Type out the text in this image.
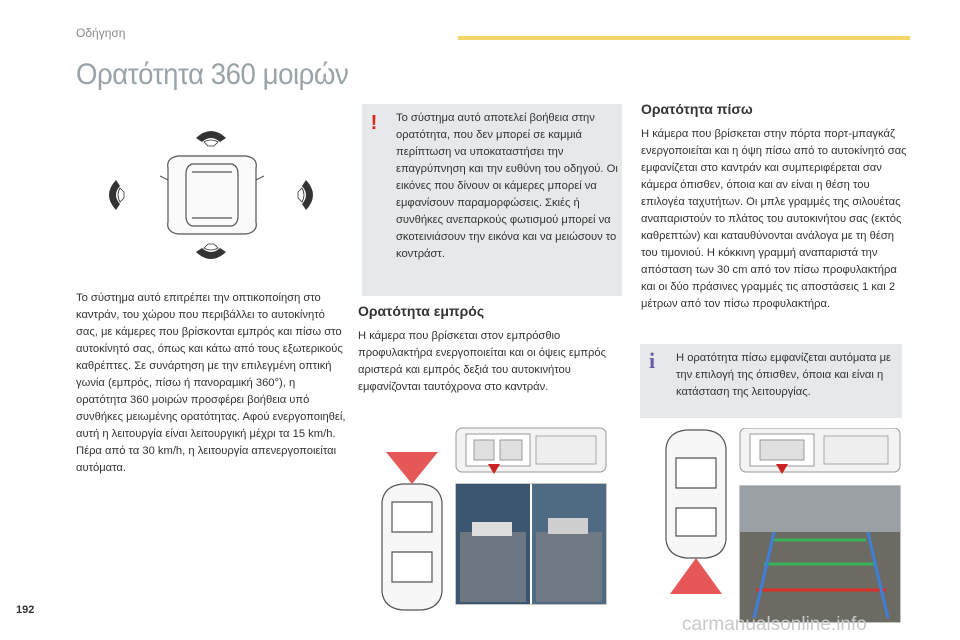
Οδήγηση
Ορατότητα 360 μοιρών
Το σύστημα αυτό επιτρέπει την οπτικοποίηση στο καντράν, του χώρου που περιβάλλει το αυτοκίνητό σας, με κάμερες που βρίσκονται εμπρός και πίσω στο αυτοκίνητό σας, όπως και κάτω από τους εξωτερικούς καθρέπτες. Σε συνάρτηση με την επιλεγμένη οπτική γωνία (εμπρός, πίσω ή πανοραμική 360°), η ορατότητα 360 μοιρών προσφέρει βοήθεια υπό συνθήκες μειωμένης ορατότητας. Αφού ενεργοποιηθεί, αυτή η λειτουργία είναι λειτουργική μέχρι τα 15 km/h. Πέρα από τα 30 km/h, η λειτουργία απενεργοποιείται αυτόματα.
! Το σύστημα αυτό αποτελεί βοήθεια στην ορατότητα, που δεν μπορεί σε καμμιά περίπτωση να υποκαταστήσει την επαγρύπνηση και την ευθύνη του οδηγού. Οι εικόνες που δίνουν οι κάμερες μπορεί να εμφανίσουν παραμορφώσεις. Σκιές ή συνθήκες ανεπαρκούς φωτισμού μπορεί να σκοτεινιάσουν την εικόνα και να μειώσουν το κοντράστ.
Ορατότητα εμπρός
Η κάμερα που βρίσκεται στον εμπρόσθιο προφυλακτήρα ενεργοποιείται και οι όψεις εμπρός αριστερά και εμπρός δεξιά του αυτοκινήτου εμφανίζονται ταυτόχρονα στο καντράν.
Ορατότητα πίσω
Η κάμερα που βρίσκεται στην πόρτα πορτ-μπαγκάζ ενεργοποιείται και η όψη πίσω από το αυτοκίνητό σας εμφανίζεται στο καντράν και συμπεριφέρεται σαν κάμερα όπισθεν, όποια και αν είναι η θέση του επιλογέα ταχυτήτων. Οι μπλε γραμμές της σιλουέτας αναπαριστούν το πλάτος του αυτοκινήτου σας (εκτός καθρεπτών) και καταυθύνονται ανάλογα με τη θέση του τιμονιού. Η κόκκινη γραμμή αναπαριστά την απόσταση των 30 cm από τον πίσω προφυλακτήρα και οι δύο πράσινες γραμμές τις αποστάσεις 1 και 2 μέτρων από τον πίσω προφυλακτήρα.
i Η ορατότητα πίσω εμφανίζεται αυτόματα με την επιλογή της όπισθεν, όποια και είναι η κατάσταση της λειτουργίας.
192
carmanualsonline.info
